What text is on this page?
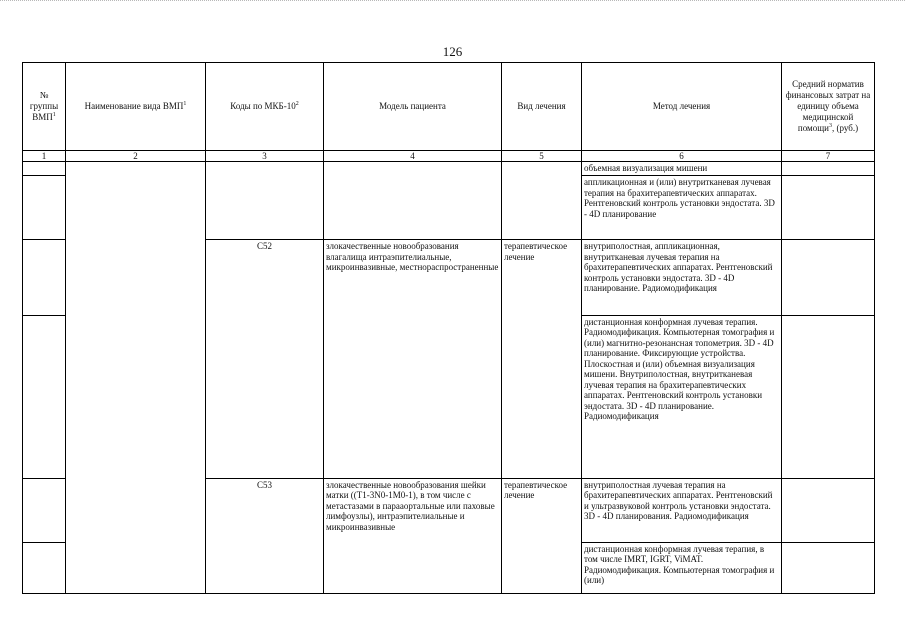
126
№ группы ВМП$^1$	Наименование вида ВМП$^1$	Коды по МКБ-$10^2$	Модель пациента	Вид лечения	Метод лечения	Средний норматив финансовых затрат на единицу объема медицинской помощи$^3$, (руб.)
1	2	3	4	5	6	7
					объемная визуализация мишени	
					аппликационная и (или) внутритканевая лучевая терапия на брахитерапевтических аппаратах. Рентгеновский контроль установки эндостата. 3D - 4D планирование	
		C52	злокачественные новообразования влагалища интраэпителиальные, микроинвазивные, местнораспространенные	терапевтическое лечение	внутриполостная, аппликационная, внутритканевая лучевая терапия на брахитерапевтических аппаратах. Рентгеновский контроль установки эндостата. 3D - 4D планирование. Радиомодификация	
					дистанционная конформная лучевая терапия. Радиомодификация. Компьютерная томография и (или) магнитно-резонансная топометрия. 3D - 4D планирование. Фиксирующие устройства. Плоскостная и (или) объемная визуализация мишени. Внутриполостная, внутритканевая лучевая терапия на брахитерапевтических аппаратах. Рентгеновский контроль установки эндостата. 3D - 4D планирование. Радиомодификация	
		C53	злокачественные новообразования шейки матки ((T1-3N0-1M0-1), в том числе с метастазами в парааортальные или паховые лимфоузлы), интраэпителиальные и микроинвазивные	терапевтическое лечение	внутриполостная лучевая терапия на брахитерапевтических аппаратах. Рентгеновский и ультразвуковой контроль установки эндостата. 3D - 4D планирования. Радиомодификация	
					дистанционная конформная лучевая терапия, в том числе IMRT, IGRT, ViMAT. Радиомодификация. Компьютерная томография и (или)	
